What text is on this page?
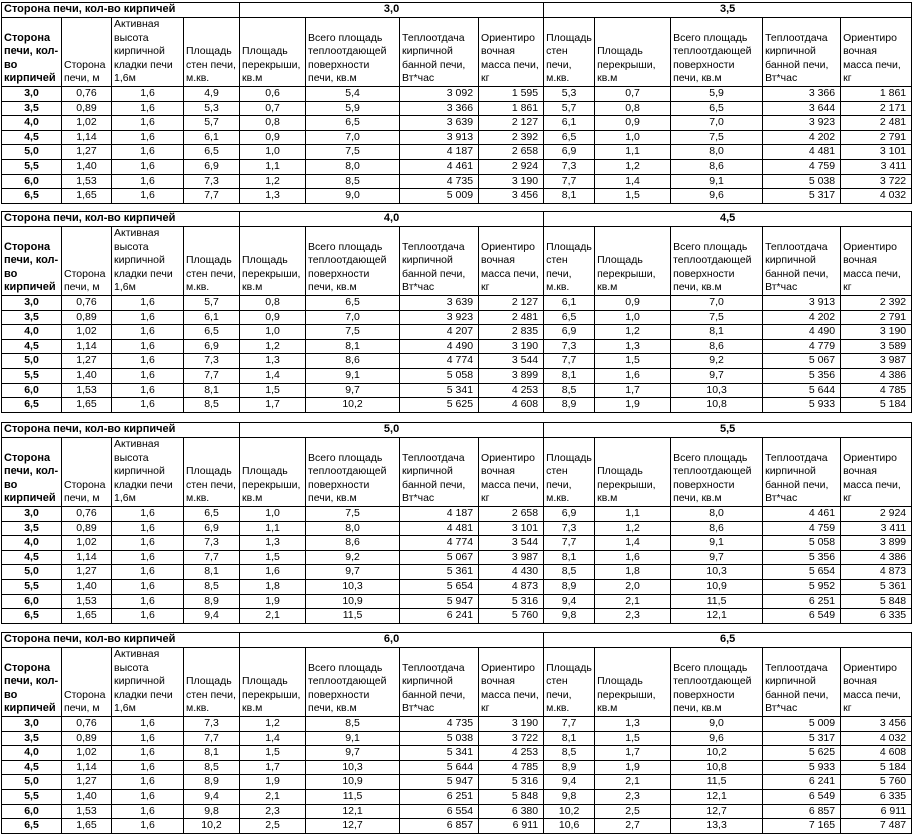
Сторона печи, кол-во кирпичей				3,0				3,5				
Сторона печи, кол-во кирпичей	Сторона печи, м	Активная высота кирпичной кладки печи 1,6м	Площадь стен печи, м.кв.	Площадь перекрыши, кв.м	Всего площадь теплоотдающей поверхности печи, кв.м	Теплоотдача кирпичной банной печи, Вт*час	Ориентиро вочная масса печи, кг	Площадь стен печи, м.кв.	Площадь перекрыши, кв.м	Всего площадь теплоотдающей поверхности печи, кв.м	Теплоотдача кирпичной банной печи, Вт*час	Ориентиро вочная масса печи, кг
3,0	0,76	1,6	4,9	0,6	5,4	3 092	1 595	5,3	0,7	5,9	3 366	1 861
3,5	0,89	1,6	5,3	0,7	5,9	3 366	1 861	5,7	0,8	6,5	3 644	2 171
4,0	1,02	1,6	5,7	0,8	6,5	3 639	2 127	6,1	0,9	7,0	3 923	2 481
4,5	1,14	1,6	6,1	0,9	7,0	3 913	2 392	6,5	1,0	7,5	4 202	2 791
5,0	1,27	1,6	6,5	1,0	7,5	4 187	2 658	6,9	1,1	8,0	4 481	3 101
5,5	1,40	1,6	6,9	1,1	8,0	4 461	2 924	7,3	1,2	8,6	4 759	3 411
6,0	1,53	1,6	7,3	1,2	8,5	4 735	3 190	7,7	1,4	9,1	5 038	3 722
6,5	1,65	1,6	7,7	1,3	9,0	5 009	3 456	8,1	1,5	9,6	5 317	4 032
Сторона печи, кол-во кирпичей				4,0				4,5				
Сторона печи, кол-во кирпичей	Сторона печи, м	Активная высота кирпичной кладки печи 1,6м	Площадь стен печи, м.кв.	Площадь перекрыши, кв.м	Всего площадь теплоотдающей поверхности печи, кв.м	Теплоотдача кирпичной банной печи, Вт*час	Ориентиро вочная масса печи, кг	Площадь стен печи, м.кв.	Площадь перекрыши, кв.м	Всего площадь теплоотдающей поверхности печи, кв.м	Теплоотдача кирпичной банной печи, Вт*час	Ориентиро вочная масса печи, кг
3,0	0,76	1,6	5,7	0,8	6,5	3 639	2 127	6,1	0,9	7,0	3 913	2 392
3,5	0,89	1,6	6,1	0,9	7,0	3 923	2 481	6,5	1,0	7,5	4 202	2 791
4,0	1,02	1,6	6,5	1,0	7,5	4 207	2 835	6,9	1,2	8,1	4 490	3 190
4,5	1,14	1,6	6,9	1,2	8,1	4 490	3 190	7,3	1,3	8,6	4 779	3 589
5,0	1,27	1,6	7,3	1,3	8,6	4 774	3 544	7,7	1,5	9,2	5 067	3 987
5,5	1,40	1,6	7,7	1,4	9,1	5 058	3 899	8,1	1,6	9,7	5 356	4 386
6,0	1,53	1,6	8,1	1,5	9,7	5 341	4 253	8,5	1,7	10,3	5 644	4 785
6,5	1,65	1,6	8,5	1,7	10,2	5 625	4 608	8,9	1,9	10,8	5 933	5 184
Сторона печи, кол-во кирпичей				5,0				5,5				
Сторона печи, кол-во кирпичей	Сторона печи, м	Активная высота кирпичной кладки печи 1,6м	Площадь стен печи, м.кв.	Площадь перекрыши, кв.м	Всего площадь теплоотдающей поверхности печи, кв.м	Теплоотдача кирпичной банной печи, Вт*час	Ориентиро вочная масса печи, кг	Площадь стен печи, м.кв.	Площадь перекрыши, кв.м	Всего площадь теплоотдающей поверхности печи, кв.м	Теплоотдача кирпичной банной печи, Вт*час	Ориентиро вочная масса печи, кг
3,0	0,76	1,6	6,5	1,0	7,5	4 187	2 658	6,9	1,1	8,0	4 461	2 924
3,5	0,89	1,6	6,9	1,1	8,0	4 481	3 101	7,3	1,2	8,6	4 759	3 411
4,0	1,02	1,6	7,3	1,3	8,6	4 774	3 544	7,7	1,4	9,1	5 058	3 899
4,5	1,14	1,6	7,7	1,5	9,2	5 067	3 987	8,1	1,6	9,7	5 356	4 386
5,0	1,27	1,6	8,1	1,6	9,7	5 361	4 430	8,5	1,8	10,3	5 654	4 873
5,5	1,40	1,6	8,5	1,8	10,3	5 654	4 873	8,9	2,0	10,9	5 952	5 361
6,0	1,53	1,6	8,9	1,9	10,9	5 947	5 316	9,4	2,1	11,5	6 251	5 848
6,5	1,65	1,6	9,4	2,1	11,5	6 241	5 760	9,8	2,3	12,1	6 549	6 335
Сторона печи, кол-во кирпичей				6,0				6,5				
Сторона печи, кол-во кирпичей	Сторона печи, м	Активная высота кирпичной кладки печи 1,6м	Площадь стен печи, м.кв.	Площадь перекрыши, кв.м	Всего площадь теплоотдающей поверхности печи, кв.м	Теплоотдача кирпичной банной печи, Вт*час	Ориентиро вочная масса печи, кг	Площадь стен печи, м.кв.	Площадь перекрыши, кв.м	Всего площадь теплоотдающей поверхности печи, кв.м	Теплоотдача кирпичной банной печи, Вт*час	Ориентиро вочная масса печи, кг
3,0	0,76	1,6	7,3	1,2	8,5	4 735	3 190	7,7	1,3	9,0	5 009	3 456
3,5	0,89	1,6	7,7	1,4	9,1	5 038	3 722	8,1	1,5	9,6	5 317	4 032
4,0	1,02	1,6	8,1	1,5	9,7	5 341	4 253	8,5	1,7	10,2	5 625	4 608
4,5	1,14	1,6	8,5	1,7	10,3	5 644	4 785	8,9	1,9	10,8	5 933	5 184
5,0	1,27	1,6	8,9	1,9	10,9	5 947	5 316	9,4	2,1	11,5	6 241	5 760
5,5	1,40	1,6	9,4	2,1	11,5	6 251	5 848	9,8	2,3	12,1	6 549	6 335
6,0	1,53	1,6	9,8	2,3	12,1	6 554	6 380	10,2	2,5	12,7	6 857	6 911
6,5	1,65	1,6	10,2	2,5	12,7	6 857	6 911	10,6	2,7	13,3	7 165	7 487
